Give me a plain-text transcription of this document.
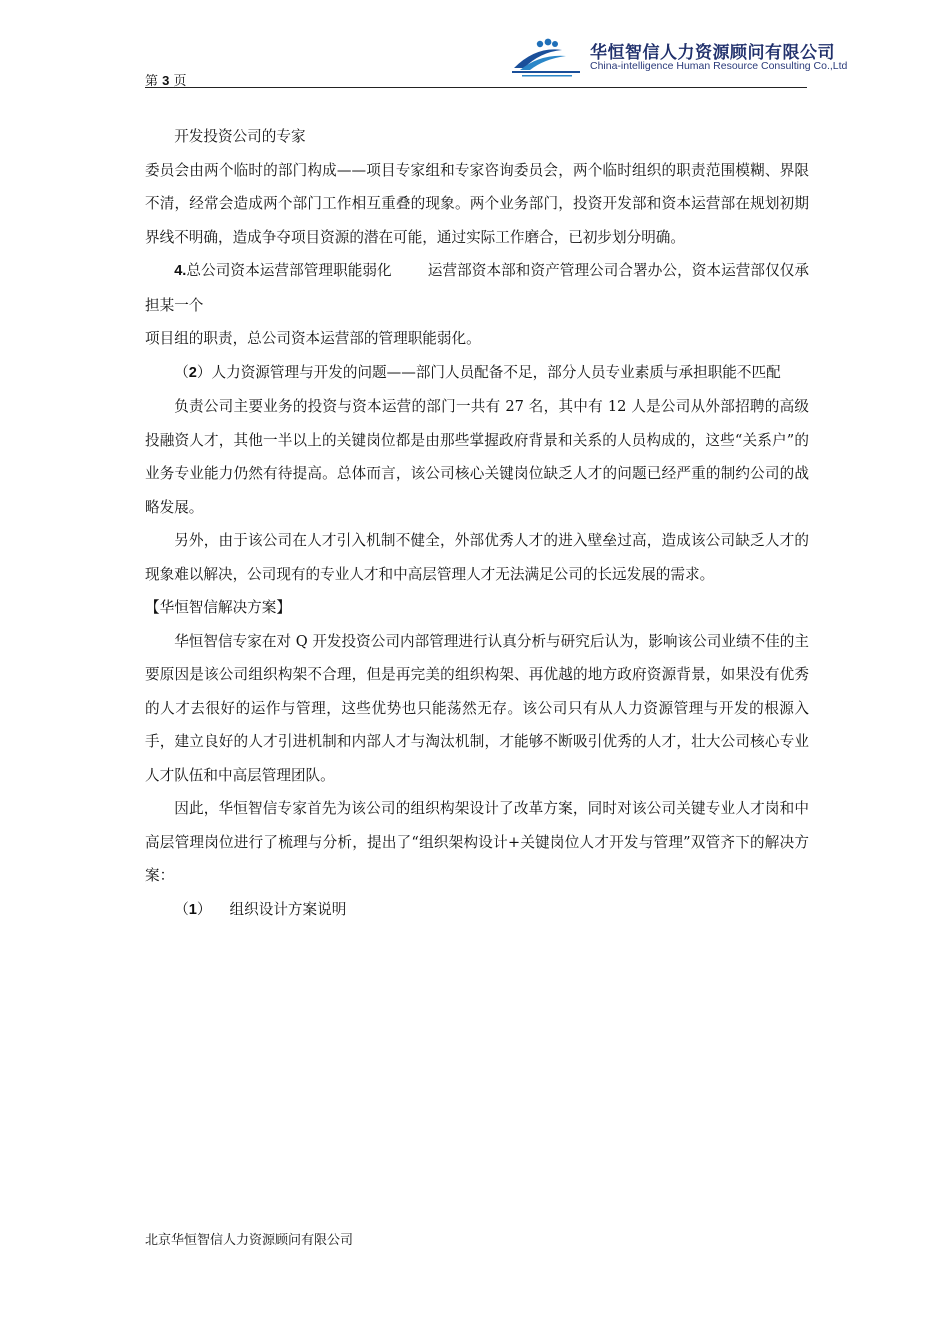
第 3 页
华恒智信人力资源顾问有限公司
China-intelligence Human Resource Consulting Co.,Ltd

开发投资公司的专家

委员会由两个临时的部门构成——项目专家组和专家咨询委员会，两个临时组织的职责范围模糊、界限不清，经常会造成两个部门工作相互重叠的现象。两个业务部门，投资开发部和资本运营部在规划初期界线不明确，造成争夺项目资源的潜在可能，通过实际工作磨合，已初步划分明确。

4.总公司资本运营部管理职能弱化 运营部资本部和资产管理公司合署办公，资本运营部仅仅承担某一个

项目组的职责，总公司资本运营部的管理职能弱化。

（2）人力资源管理与开发的问题——部门人员配备不足，部分人员专业素质与承担职能不匹配

负责公司主要业务的投资与资本运营的部门一共有 27 名，其中有 12 人是公司从外部招聘的高级投融资人才，其他一半以上的关键岗位都是由那些掌握政府背景和关系的人员构成的，这些“关系户”的业务专业能力仍然有待提高。总体而言，该公司核心关键岗位缺乏人才的问题已经严重的制约公司的战略发展。

另外，由于该公司在人才引入机制不健全，外部优秀人才的进入壁垒过高，造成该公司缺乏人才的现象难以解决，公司现有的专业人才和中高层管理人才无法满足公司的长远发展的需求。

【华恒智信解决方案】

华恒智信专家在对 Q 开发投资公司内部管理进行认真分析与研究后认为，影响该公司业绩不佳的主要原因是该公司组织构架不合理，但是再完美的组织构架、再优越的地方政府资源背景，如果没有优秀的人才去很好的运作与管理，这些优势也只能荡然无存。该公司只有从人力资源管理与开发的根源入手，建立良好的人才引进机制和内部人才与淘汰机制，才能够不断吸引优秀的人才，壮大公司核心专业人才队伍和中高层管理团队。

因此，华恒智信专家首先为该公司的组织构架设计了改革方案，同时对该公司关键专业人才岗和中高层管理岗位进行了梳理与分析，提出了“组织架构设计+关键岗位人才开发与管理”双管齐下的解决方案：

（1） 组织设计方案说明

北京华恒智信人力资源顾问有限公司
